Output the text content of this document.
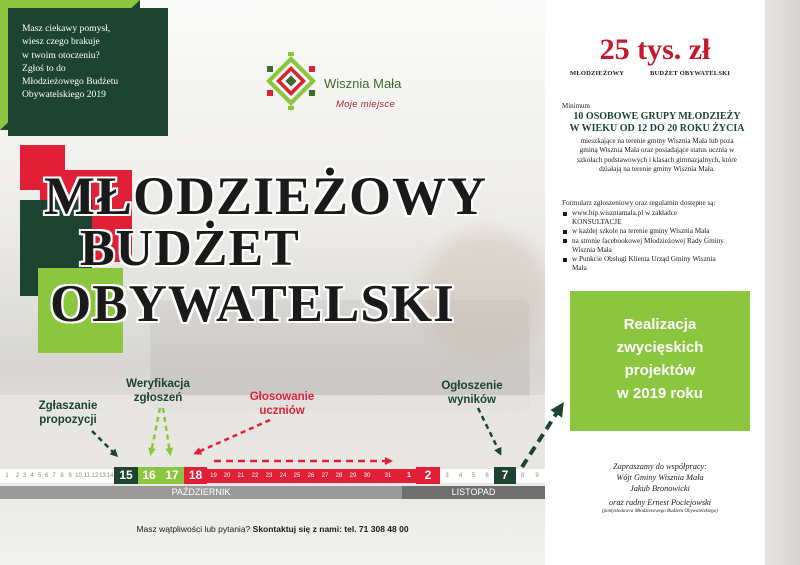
Masz ciekawy pomysł,
wiesz czego brakuje
w twoim otoczeniu?
Zgłoś to do
Młodzieżowego Budżetu
Obywatelskiego 2019
Wisznia Mała
Moje miejsce
MŁODZIEŻOWY
BUDŻET
OBYWATELSKI
Zgłaszanie
propozycji
Weryfikacja
zgłoszeń	Głosowanie
uczniów
Ogłoszenie
wyników
1	2 3 4 5 6 7 8 9 10 11 12 13 14 15 16 17 18	19	20	21	22	23	24	25	26	27	28	29	30	31	1	2	3	4	5	6	7	8	9
PAŹDZIERNIK	LISTOPAD
Masz wątpliwości lub pytania? Skontaktuj się z nami: tel. 71 308 48 00
25 tys. zł
MŁODZIEŻOWY	BUDŻET OBYWATELSKI
Minimum
10 OSOBOWE GRUPY MŁODZIEŻY
W WIEKU OD 12 DO 20 ROKU ŻYCIA
mieszkające na terenie gminy Wisznia Mała lub poza
gminą Wisznia Mała oraz posiadające status ucznia w
szkołach podstawowych i klasach gimnazjalnych, które
działają na terenie gminy Wisznia Mała.
Formularz zgłoszeniowy oraz regulamin dostępne są:
www.bip.wiszniamala.pl w zakładce
KONSULTACJE
w każdej szkole na terenie gminy Wisznia Mała
na stronie facebookowej Młodzieżowej Rady Gminy
Wisznia Mała
w Punkcie Obsługi Klienta Urząd Gminy Wisznia
Mała
Realizacja
zwycięskich
projektów
w 2019 roku
Zapraszamy do współpracy:
Wójt Gminy Wisznia Mała
Jakub Bronowicki
oraz radny Ernest Pociejowski
(pomysłodawca Młodzieżowego Budżetu Obywatelskiego)
